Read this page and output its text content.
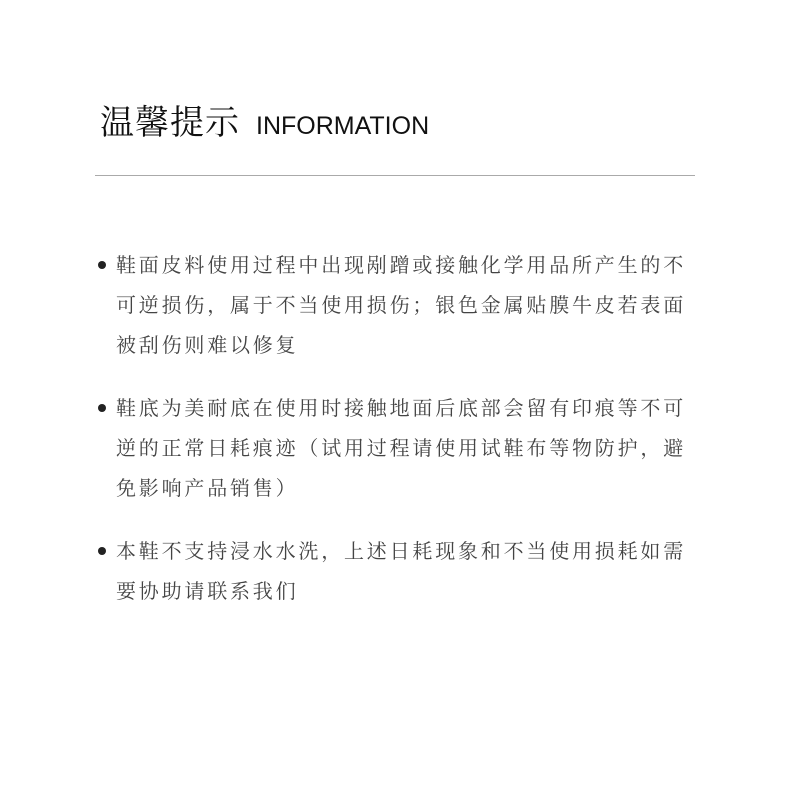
温馨提示 INFORMATION
鞋面皮料使用过程中出现剐蹭或接触化学用品所产生的不
可逆损伤，属于不当使用损伤；银色金属贴膜牛皮若表面
被刮伤则难以修复
鞋底为美耐底在使用时接触地面后底部会留有印痕等不可
逆的正常日耗痕迹（试用过程请使用试鞋布等物防护，避
免影响产品销售）
本鞋不支持浸水水洗，上述日耗现象和不当使用损耗如需
要协助请联系我们
